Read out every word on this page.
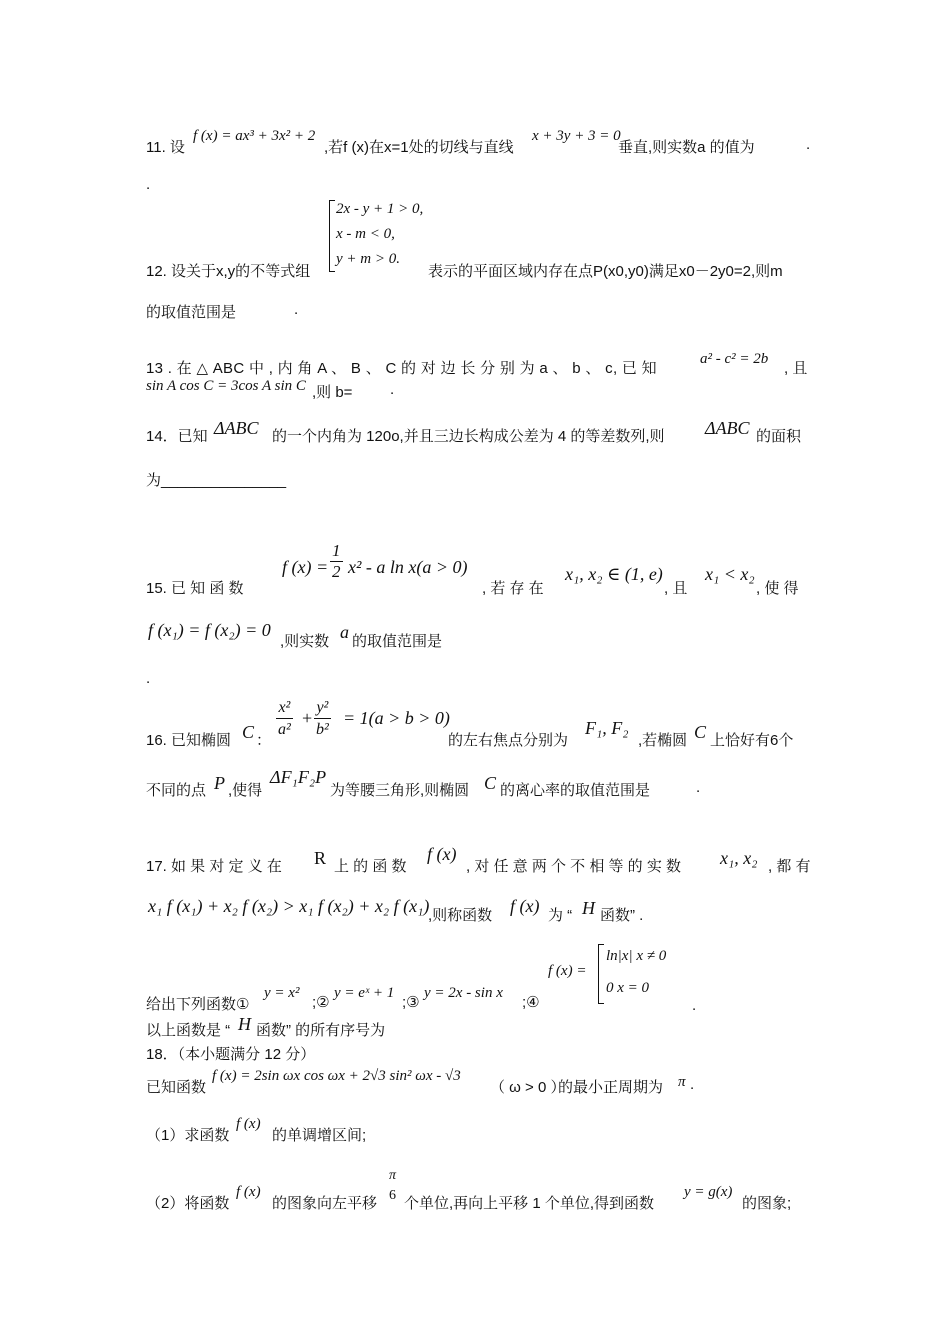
11. 设
f (x) = ax³ + 3x² + 2
,若f (x)在x=1处的切线与直线
x + 3y + 3 = 0
垂直,则实数a 的值为	.
.
2x - y + 1 > 0,
x - m < 0,
y + m > 0.
12. 设关于x,y的不等式组	表示的平面区域内存在点P(x0,y0)满足x0－2y0=2,则m
的取值范围是	.
13 . 在 △ ABC 中 , 内 角 A 、 B 、 C 的 对 边 长 分 别 为 a 、 b 、 c, 已 知
a² - c² = 2b
, 且
sin A cos C = 3cos A sin C ,则 b=	.
14．已知 ΔABC 的一个内角为 120o,并且三边长构成公差为 4 的等差数列,则 ΔABC 的面积
为_______________
15. 已 知 函 数
f $(x) = \frac{1}{2} x^2 - a$ ln x(a > 0)
, 若 存 在
x₁, x₂ ∈ (1, e)
, 且
x₁ < x₂
, 使 得
f (x₁) = f (x₂) = 0
,则实数 a 的取值范围是
.
16. 已知椭圆 C ：
$\frac{\text{x²}}{\text{a²}} + \frac{\text{y²}}{\text{b²}} = 1(a > b > 0)$
的左右焦点分别为
F₁, F₂
,若椭圆 C 上恰好有6个
不同的点 P ,使得
ΔF₁F₂P
为等腰三角形,则椭圆 C 的离心率的取值范围是	.
17. 如 果 对 定 义 在 R 上 的 函 数
f (x)
, 对 任 意 两 个 不 相 等 的 实 数 x₁, x₂ , 都 有
x₁ f (x₁) + x₂ f (x₂) > x₁ f (x₂) + x₂ f (x₁)
,则称函数 f (x) 为 “ H 函数” .
f (x) =
ln|x| x ≠ 0
0 x = 0
.
给出下列函数①
y = x²
;②
y = eˣ + 1
;③
y = 2x - sin x
;④
以上函数是 “ H 函数” 的所有序号为
18．（本小题满分 12 分）
已知函数
f (x) = 2sin ωx cos ωx + 2√3 sin² ωx - √3
（ ω > 0 ）
的最小正周期为 π .
（1）求函数
f (x)
的单调增区间;
（2）将函数
f (x)
的图象向左平移
π
6 个单位,再向上平移 1 个单位,得到函数
y = g(x)
的图象;
